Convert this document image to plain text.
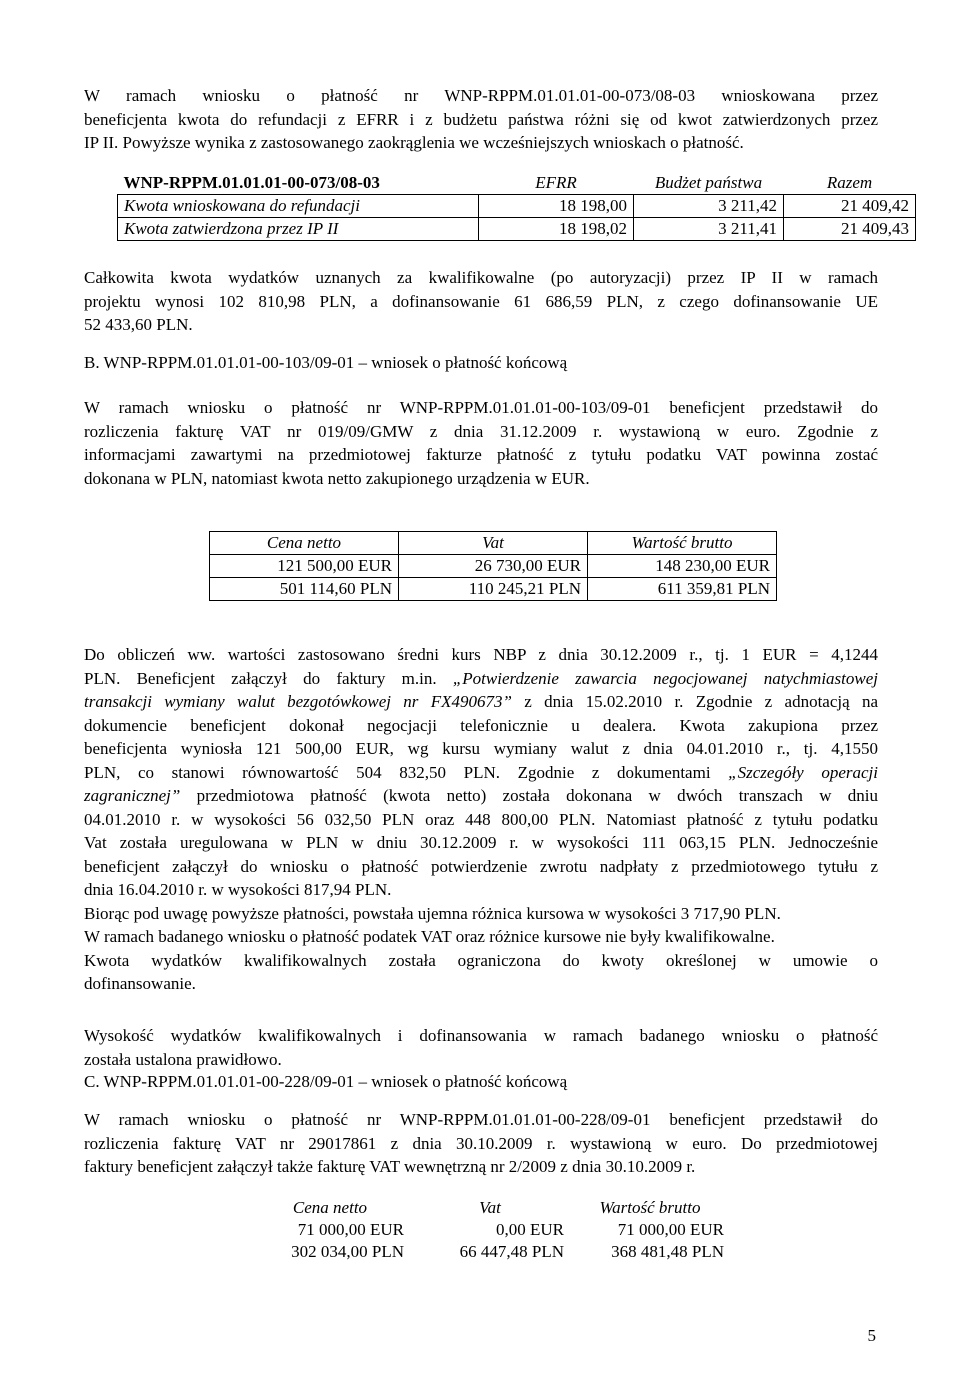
W ramach wniosku o płatność nr WNP-RPPM.01.01.01-00-073/08-03 wnioskowana przez
beneficjenta kwota do refundacji z EFRR i z budżetu państwa różni się od kwot zatwierdzonych przez
IP II. Powyższe wynika z zastosowanego zaokrąglenia we wcześniejszych wnioskach o płatność.
WNP-RPPM.01.01.01-00-073/08-03	EFRR	Budżet państwa	Razem
Kwota wnioskowana do refundacji	18 198,00	3 211,42	21 409,42
Kwota zatwierdzona przez IP II	18 198,02	3 211,41	21 409,43
Całkowita kwota wydatków uznanych za kwalifikowalne (po autoryzacji) przez IP II w ramach
projektu wynosi 102 810,98 PLN, a dofinansowanie 61 686,59 PLN, z czego dofinansowanie UE
52 433,60 PLN.
B. WNP-RPPM.01.01.01-00-103/09-01 – wniosek o płatność końcową
W ramach wniosku o płatność nr WNP-RPPM.01.01.01-00-103/09-01 beneficjent przedstawił do
rozliczenia fakturę VAT nr 019/09/GMW z dnia 31.12.2009 r. wystawioną w euro. Zgodnie z
informacjami zawartymi na przedmiotowej fakturze płatność z tytułu podatku VAT powinna zostać
dokonana w PLN, natomiast kwota netto zakupionego urządzenia w EUR.
Cena netto	Vat	Wartość brutto
121 500,00 EUR	26 730,00 EUR	148 230,00 EUR
501 114,60 PLN	110 245,21 PLN	611 359,81 PLN
Do obliczeń ww. wartości zastosowano średni kurs NBP z dnia 30.12.2009 r., tj. 1 EUR = 4,1244
PLN. Beneficjent załączył do faktury m.in. „Potwierdzenie zawarcia negocjowanej natychmiastowej
transakcji wymiany walut bezgotówkowej nr FX490673” z dnia 15.02.2010 r. Zgodnie z adnotacją na
dokumencie beneficjent dokonał negocjacji telefonicznie u dealera. Kwota zakupiona przez
beneficjenta wyniosła 121 500,00 EUR, wg kursu wymiany walut z dnia 04.01.2010 r., tj. 4,1550
PLN, co stanowi równowartość 504 832,50 PLN. Zgodnie z dokumentami „Szczegóły operacji
zagranicznej” przedmiotowa płatność (kwota netto) została dokonana w dwóch transzach w dniu
04.01.2010 r. w wysokości 56 032,50 PLN oraz 448 800,00 PLN. Natomiast płatność z tytułu podatku
Vat została uregulowana w PLN w dniu 30.12.2009 r. w wysokości 111 063,15 PLN. Jednocześnie
beneficjent załączył do wniosku o płatność potwierdzenie zwrotu nadpłaty z przedmiotowego tytułu z
dnia 16.04.2010 r. w wysokości 817,94 PLN.
Biorąc pod uwagę powyższe płatności, powstała ujemna różnica kursowa w wysokości 3 717,90 PLN.
W ramach badanego wniosku o płatność podatek VAT oraz różnice kursowe nie były kwalifikowalne.
Kwota wydatków kwalifikowalnych została ograniczona do kwoty określonej w umowie o
dofinansowanie.
Wysokość wydatków kwalifikowalnych i dofinansowania w ramach badanego wniosku o płatność
została ustalona prawidłowo.
C. WNP-RPPM.01.01.01-00-228/09-01 – wniosek o płatność końcową
W ramach wniosku o płatność nr WNP-RPPM.01.01.01-00-228/09-01 beneficjent przedstawił do
rozliczenia fakturę VAT nr 29017861 z dnia 30.10.2009 r. wystawioną w euro. Do przedmiotowej
faktury beneficjent załączył także fakturę VAT wewnętrzną nr 2/2009 z dnia 30.10.2009 r.
Cena netto	Vat	Wartość brutto
71 000,00 EUR	0,00 EUR	71 000,00 EUR
302 034,00 PLN	66 447,48 PLN	368 481,48 PLN
5
